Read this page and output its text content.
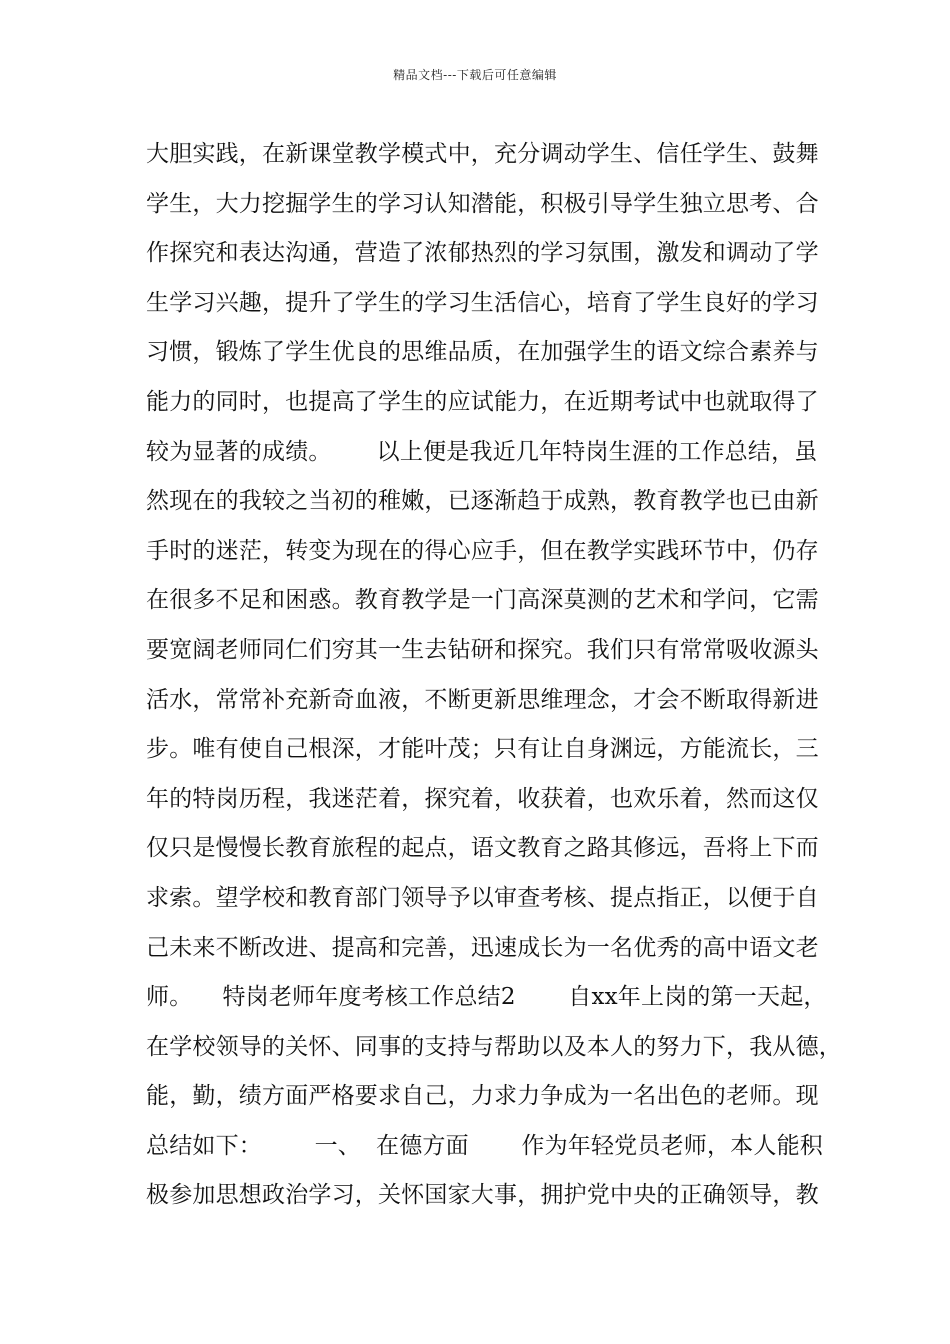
精品文档---下载后可任意编辑
大胆实践，在新课堂教学模式中，充分调动学生、信任学生、鼓舞
学生，大力挖掘学生的学习认知潜能，积极引导学生独立思考、合
作探究和表达沟通，营造了浓郁热烈的学习氛围，激发和调动了学
生学习兴趣，提升了学生的学习生活信心，培育了学生良好的学习
习惯，锻炼了学生优良的思维品质，在加强学生的语文综合素养与
能力的同时，也提高了学生的应试能力，在近期考试中也就取得了
较为显著的成绩。      以上便是我近几年特岗生涯的工作总结，虽
然现在的我较之当初的稚嫩，已逐渐趋于成熟，教育教学也已由新
手时的迷茫，转变为现在的得心应手，但在教学实践环节中，仍存
在很多不足和困惑。教育教学是一门高深莫测的艺术和学问，它需
要宽阔老师同仁们穷其一生去钻研和探究。我们只有常常吸收源头
活水，常常补充新奇血液，不断更新思维理念，才会不断取得新进
步。唯有使自己根深，才能叶茂；只有让自身渊远，方能流长，三
年的特岗历程，我迷茫着，探究着，收获着，也欢乐着，然而这仅
仅只是慢慢长教育旅程的起点，语文教育之路其修远，吾将上下而
求索。望学校和教育部门领导予以审查考核、提点指正，以便于自
己未来不断改进、提高和完善，迅速成长为一名优秀的高中语文老
师。    特岗老师年度考核工作总结2       自xx年上岗的第一天起，
在学校领导的关怀、同事的支持与帮助以及本人的努力下，我从德，
能，勤，绩方面严格要求自己，力求力争成为一名出色的老师。现
总结如下：       一、  在德方面       作为年轻党员老师，本人能积
极参加思想政治学习，关怀国家大事，拥护党中央的正确领导，教
